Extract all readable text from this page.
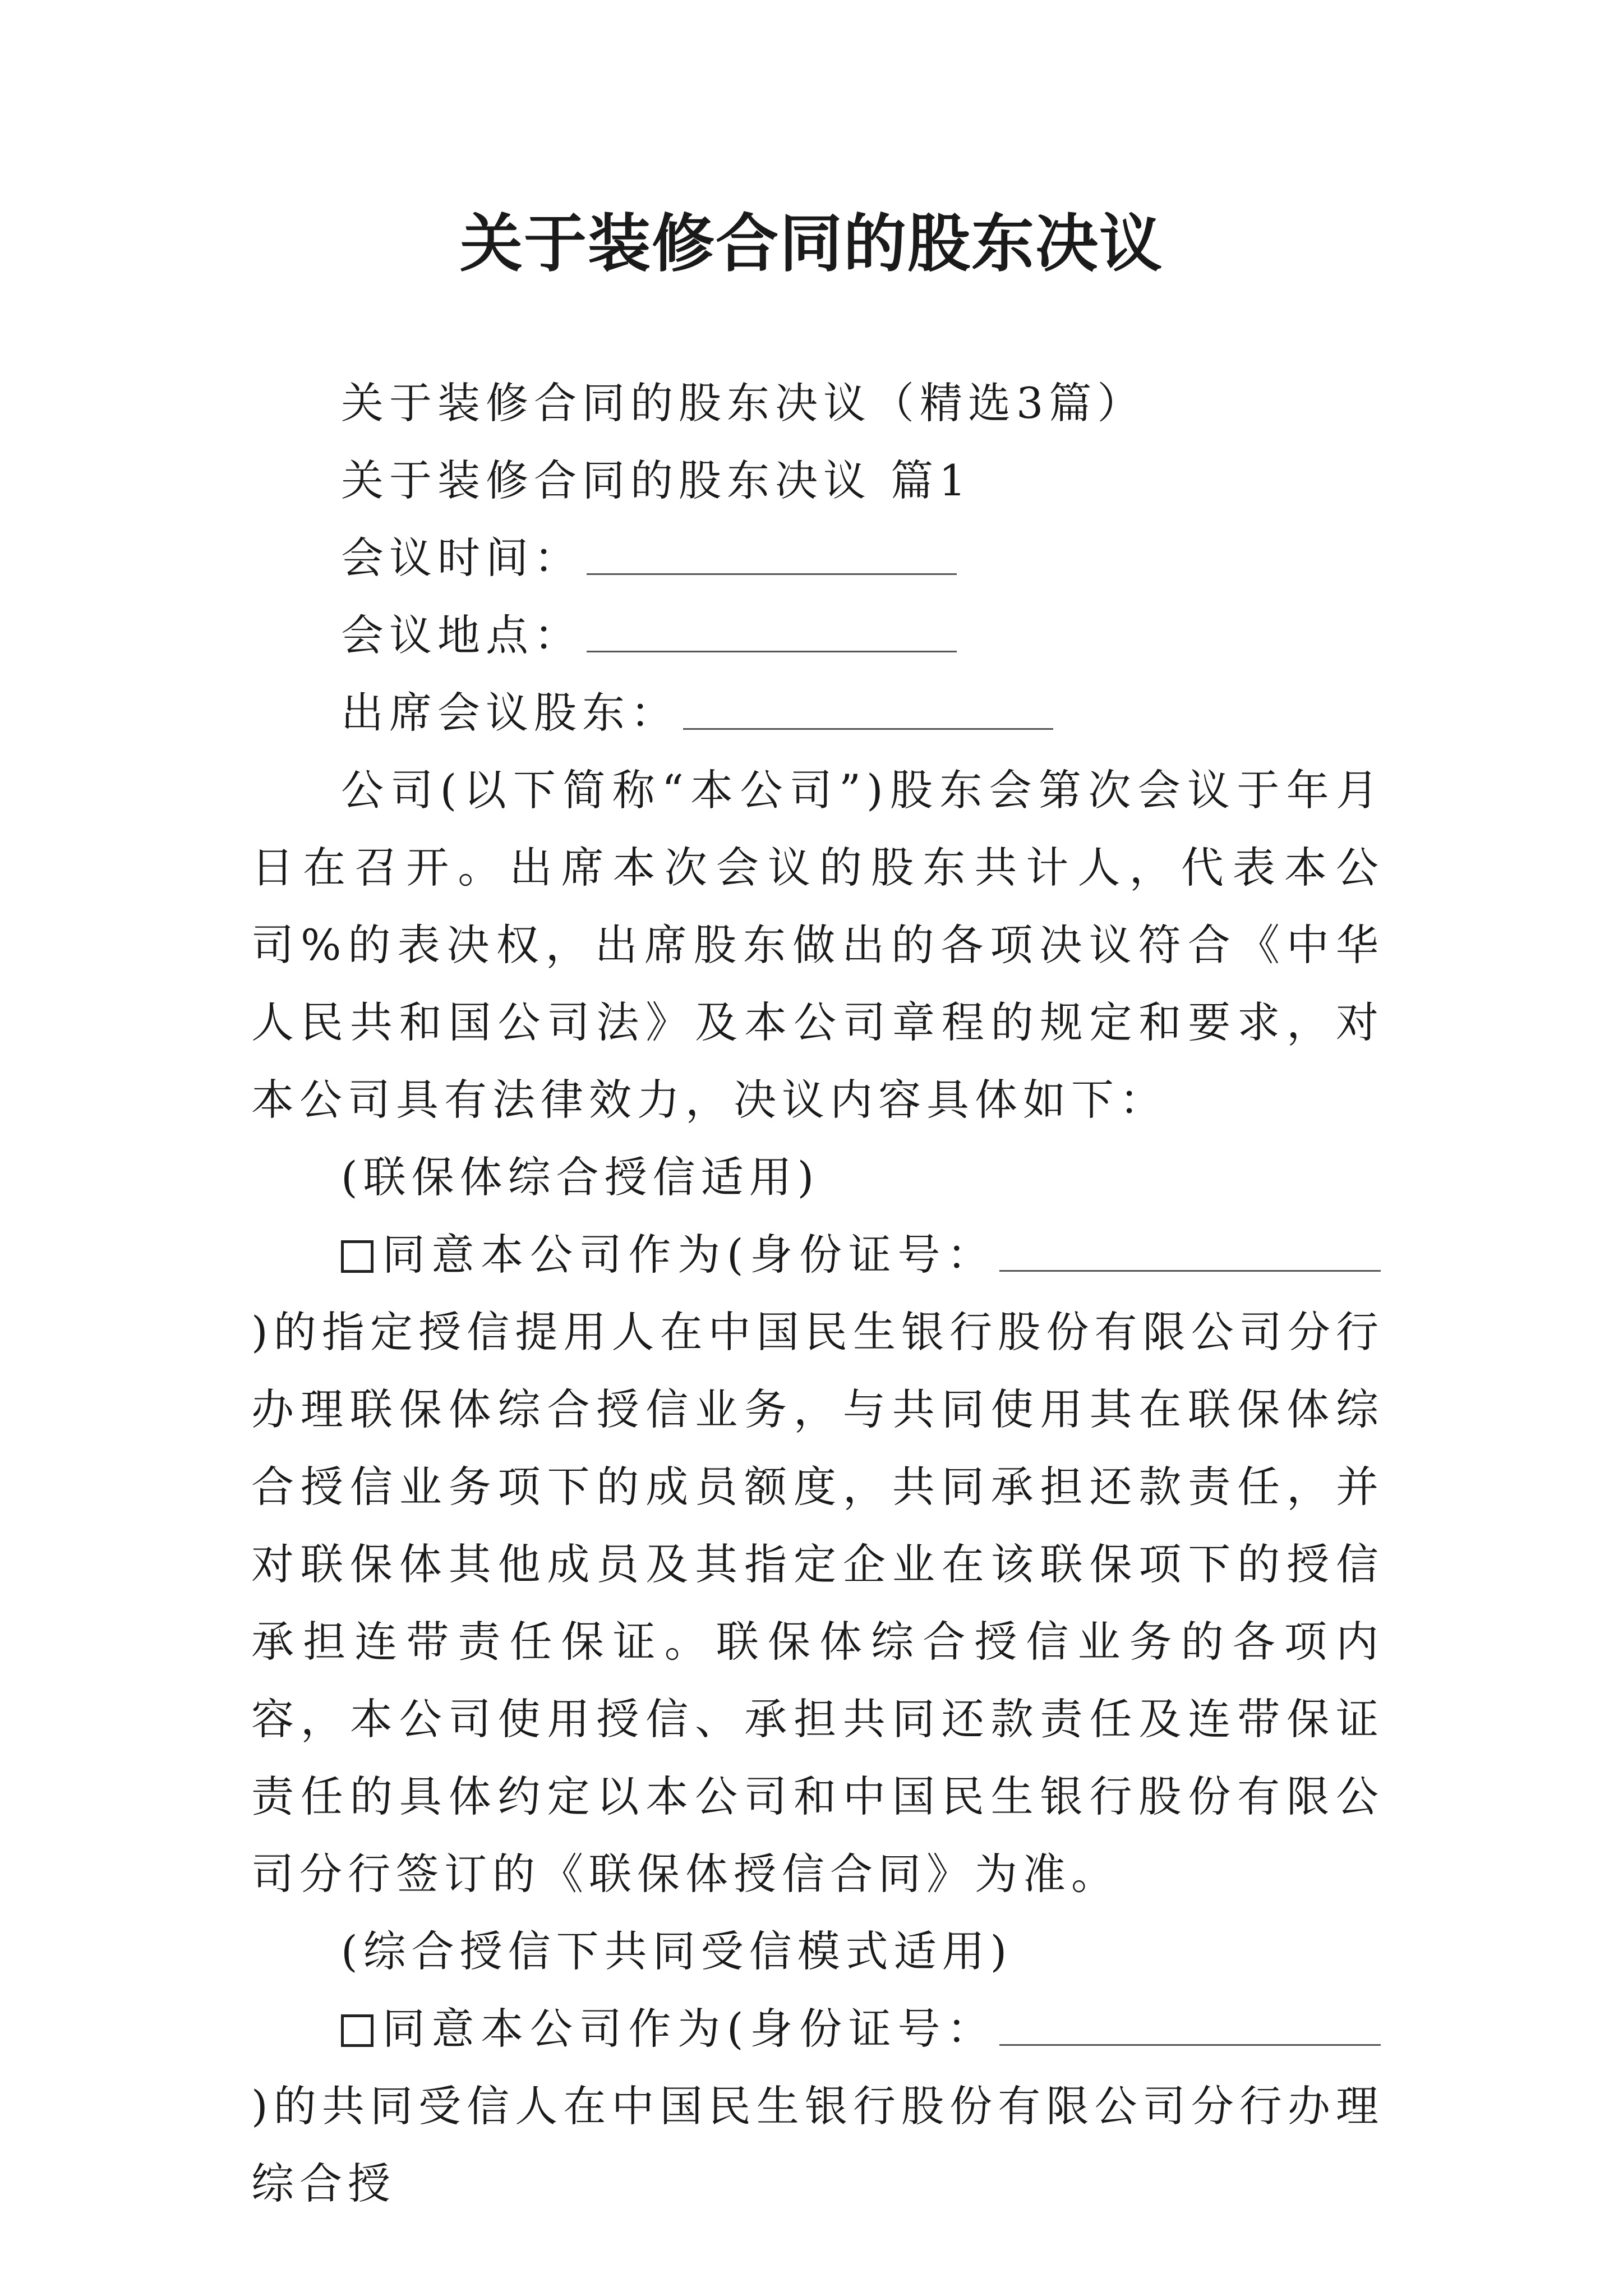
关于装修合同的股东决议

关于装修合同的股东决议（精选3篇）

关于装修合同的股东决议 篇1

会议时间：

会议地点：

出席会议股东：

公司(以下简称“本公司”)股东会第次会议于年月日在召开。出席本次会议的股东共计人，代表本公司%的表决权，出席股东做出的各项决议符合《中华人民共和国公司法》及本公司章程的规定和要求，对本公司具有法律效力，决议内容具体如下：

(联保体综合授信适用)

同意本公司作为(身份证号：)的指定授信提用人在中国民生银行股份有限公司分行办理联保体综合授信业务，与共同使用其在联保体综合授信业务项下的成员额度，共同承担还款责任，并对联保体其他成员及其指定企业在该联保项下的授信承担连带责任保证。联保体综合授信业务的各项内容，本公司使用授信、承担共同还款责任及连带保证责任的具体约定以本公司和中国民生银行股份有限公司分行签订的《联保体授信合同》为准。

(综合授信下共同受信模式适用)

同意本公司作为(身份证号：)的共同受信人在中国民生银行股份有限公司分行办理综合授
